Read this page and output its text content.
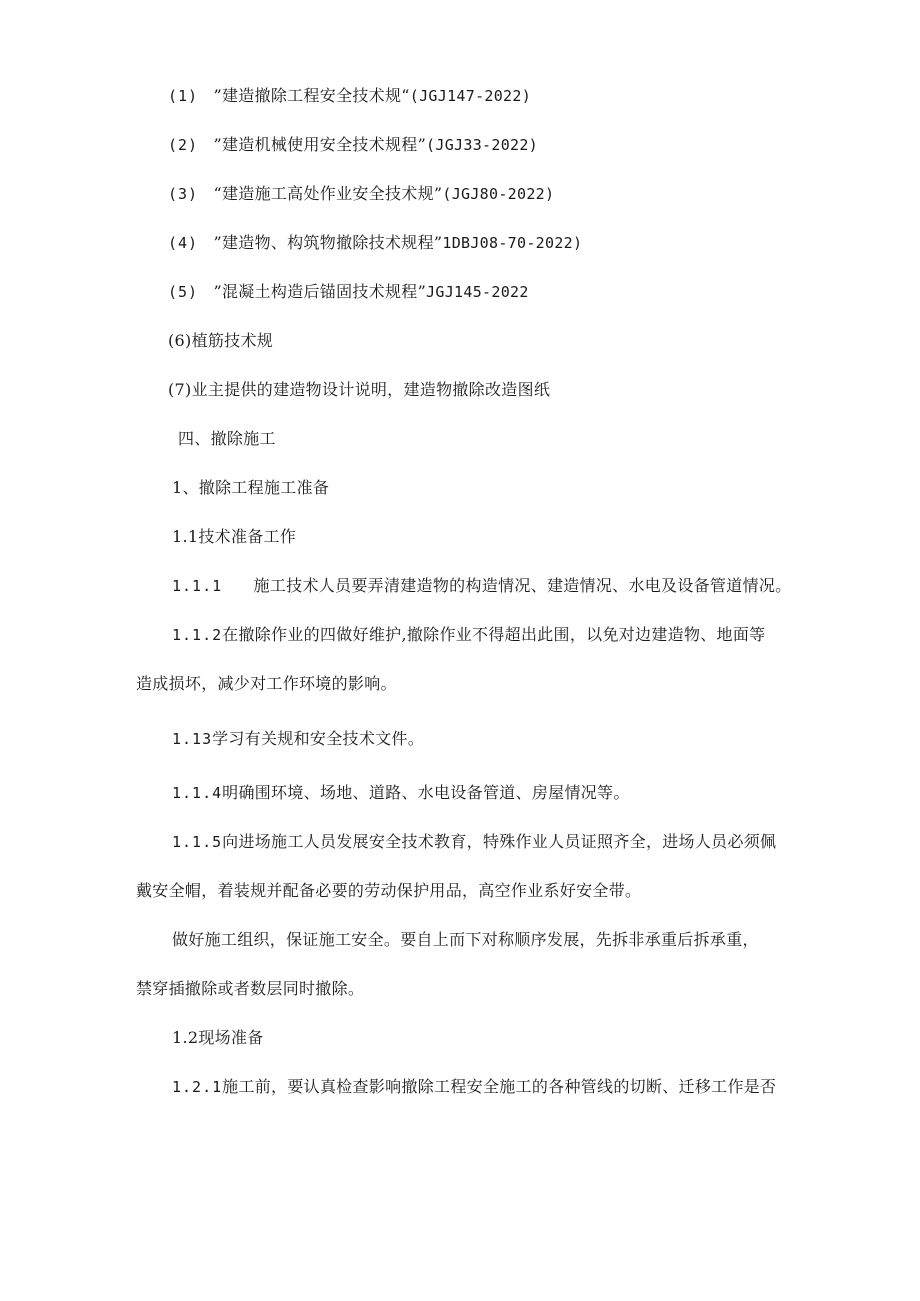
(1) ”建造撤除工程安全技术规“(JGJ147-2022)
(2) ”建造机械使用安全技术规程”(JGJ33-2022)
(3) “建造施工高处作业安全技术规”(JGJ80-2022)
(4) ”建造物、构筑物撤除技术规程”1DBJ08-70-2022)
(5) ”混凝土构造后锚固技术规程”JGJ145-2022
(6)植筋技术规
(7)业主提供的建造物设计说明，建造物撤除改造图纸
四、撤除施工
1、撤除工程施工准备
1.1技术准备工作
1.1.1 施工技术人员要弄清建造物的构造情况、建造情况、水电及设备管道情况。
1.1.2在撤除作业的四做好维护,撤除作业不得超出此围，以免对边建造物、地面等
造成损坏，减少对工作环境的影响。
1.13学习有关规和安全技术文件。
1.1.4明确围环境、场地、道路、水电设备管道、房屋情况等。
1.1.5向进场施工人员发展安全技术教育，特殊作业人员证照齐全，进场人员必须佩
戴安全帽，着装规并配备必要的劳动保护用品，高空作业系好安全带。
做好施工组织，保证施工安全。要自上而下对称顺序发展，先拆非承重后拆承重，
禁穿插撤除或者数层同时撤除。
1.2现场准备
1.2.1施工前，要认真检查影响撤除工程安全施工的各种管线的切断、迁移工作是否
